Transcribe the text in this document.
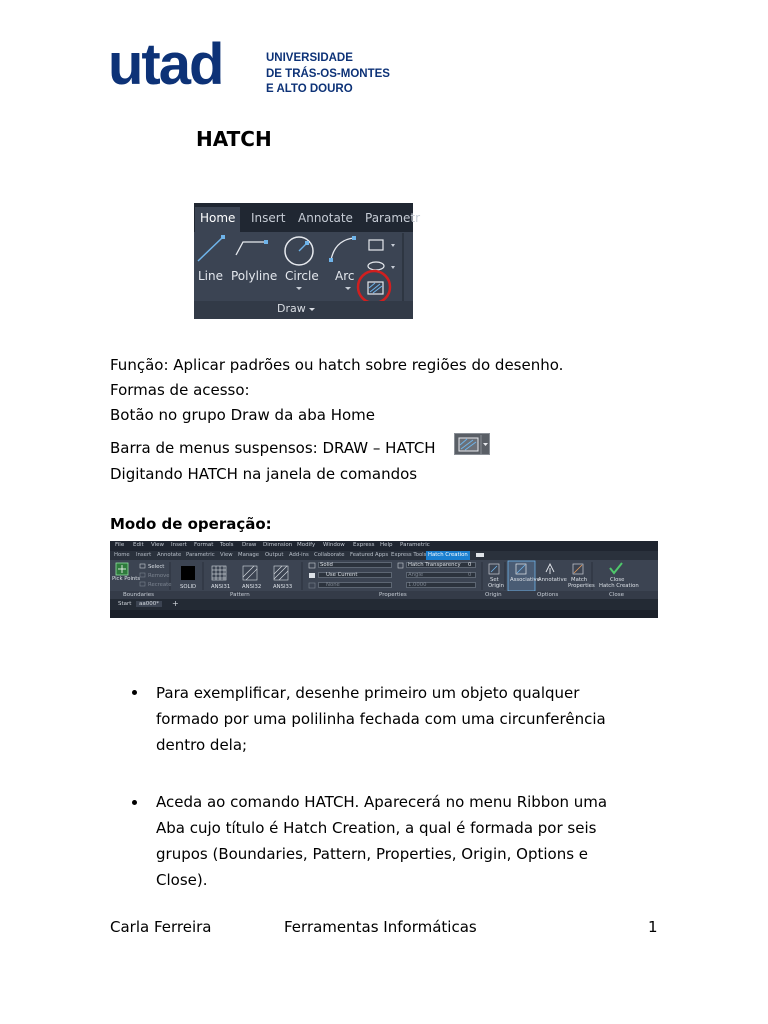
utad	UNIVERSIDADE
DE TRÁS-OS-MONTES
E ALTO DOURO
HATCH
Home	Insert Annotate Parametr
Line Polyline Circle Arc
Draw
Função: Aplicar padrões ou hatch sobre regiões do desenho.
Formas de acesso:
Botão no grupo Draw da aba Home
Barra de menus suspensos: DRAW – HATCH
Digitando HATCH na janela de comandos
Modo de operação:
File Edit View Insert Format Tools Draw Dimension Modify Window Express Help Parametric
Home Insert Annotate Parametric View Manage Output Add-ins Collaborate Featured Apps Express Tools Hatch Creation
Pick Points
Select
Remove
Recreate SOLID	ANSI31 ANSI32 ANSI33
Solid
Use Current
None
Hatch Transparency 0
Angle	0
1.0000
Set
Origin
Associative
Annotative Match
Properties
Close
Hatch Creation
Boundaries	Pattern	Properties	Origin	Options	Close
Start	aa000*	+
Para exemplificar, desenhe primeiro um objeto qualquer
formado por uma polilinha fechada com uma circunferência
dentro dela;
Aceda ao comando HATCH. Aparecerá no menu Ribbon uma
Aba cujo título é Hatch Creation, a qual é formada por seis
grupos (Boundaries, Pattern, Properties, Origin, Options e
Close).
Carla Ferreira	Ferramentas Informáticas	1
